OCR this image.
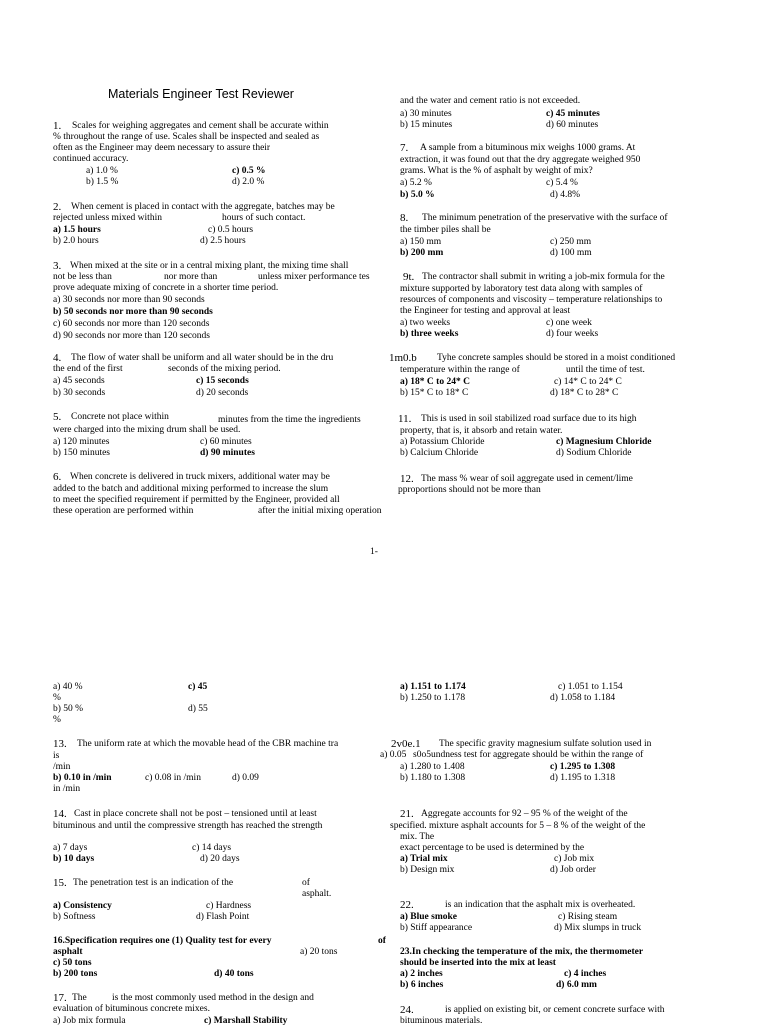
Materials Engineer Test Reviewer
1. Scales for weighing aggregates and cement shall be accurate within
% throughout the range of use. Scales shall be inspected and sealed as
often as the Engineer may deem necessary to assure their
continued accuracy.
a) 1.0 %	c) 0.5 %
b) 1.5 %	d) 2.0 %
2. When cement is placed in contact with the aggregate, batches may be
rejected unless mixed within	hours of such contact.
a) 1.5 hours	c) 0.5 hours
b) 2.0 hours	d) 2.5 hours
3. When mixed at the site or in a central mixing plant, the mixing time shall
not be less than	nor more than	unless mixer performance tes
prove adequate mixing of concrete in a shorter time period.
a) 30 seconds nor more than 90 seconds
b) 50 seconds nor more than 90 seconds
c) 60 seconds nor more than 120 seconds
d) 90 seconds nor more than 120 seconds
4. The flow of water shall be uniform and all water should be in the dru
the end of the first	seconds of the mixing period.
a) 45 seconds	c) 15 seconds
b) 30 seconds	d) 20 seconds
5. Concrete not place within	minutes from the time the ingredients
were charged into the mixing drum shall be used.
a) 120 minutes	c) 60 minutes
b) 150 minutes	d) 90 minutes
6. When concrete is delivered in truck mixers, additional water may be
added to the batch and additional mixing performed to increase the slum
to meet the specified requirement if permitted by the Engineer, provided all
these operation are performed within	after the initial mixing operation
and the water and cement ratio is not exceeded.
a) 30 minutes	c) 45 minutes
b) 15 minutes	d) 60 minutes
7. A sample from a bituminous mix weighs 1000 grams. At
extraction, it was found out that the dry aggregate weighed 950
grams. What is the % of asphalt by weight of mix?
a) 5.2 %	c) 5.4 %
b) 5.0 %	d) 4.8%
8. The minimum penetration of the preservative with the surface of
the timber piles shall be
a) 150 mm	c) 250 mm
b) 200 mm	d) 100 mm
9t. The contractor shall submit in writing a job-mix formula for the
mixture supported by laboratory test data along with samples of
resources of components and viscosity – temperature relationships to
the Engineer for testing and approval at least
a) two weeks	c) one week
b) three weeks	d) four weeks
1m0.b Tyhe concrete samples should be stored in a moist conditioned
temperature within the range of	until the time of test.
a) 18* C to 24* C	c) 14* C to 24* C
b) 15* C to 18* C	d) 18* C to 28* C
11. This is used in soil stabilized road surface due to its high
property, that is, it absorb and retain water.
a) Potassium Chloride	c) Magnesium Chloride
b) Calcium Chloride	d) Sodium Chloride
12. The mass % wear of soil aggregate used in cement/lime
pproportions should not be more than
1-
a) 40 %	c) 45
%
b) 50 %	d) 55
%
a) 1.151 to 1.174	c) 1.051 to 1.154
b) 1.250 to 1.178	d) 1.058 to 1.184
13. The uniform rate at which the movable head of the CBR machine tra
is	a) 0.05
/min
b) 0.10 in /min	c) 0.08 in /min	d) 0.09
in /min
2v0e.1 The specific gravity magnesium sulfate solution used in
s0o5undness test for aggregate should be within the range of
a) 1.280 to 1.408	c) 1.295 to 1.308
b) 1.180 to 1.308	d) 1.195 to 1.318
14. Cast in place concrete shall not be post – tensioned until at least
bituminous and until the compressive strength has reached the strength
mix. The
a) 7 days	c) 14 days
b) 10 days	d) 20 days
21. Aggregate accounts for 92 – 95 % of the weight of the
specified. mixture asphalt accounts for 5 – 8 % of the weight of the
exact percentage to be used is determined by the
a) Trial mix	c) Job mix
b) Design mix	d) Job order
15. The penetration test is an indication of the	of
asphalt.
a) Consistency	c) Hardness
b) Softness	d) Flash Point
22.	is an indication that the asphalt mix is overheated.
a) Blue smoke	c) Rising steam
b) Stiff appearance	d) Mix slumps in truck
16.Specification requires one (1) Quality test for every	of
asphalt	a) 20 tons
c) 50 tons
b) 200 tons	d) 40 tons
23.In checking the temperature of the mix, the thermometer
should be inserted into the mix at least
a) 2 inches	c) 4 inches
b) 6 inches	d) 6.0 mm
17. The	is the most commonly used method in the design and
evaluation of bituminous concrete mixes.
a) Job mix formula	c) Marshall Stability
24.	is applied on existing bit, or cement concrete surface with
bituminous materials.
